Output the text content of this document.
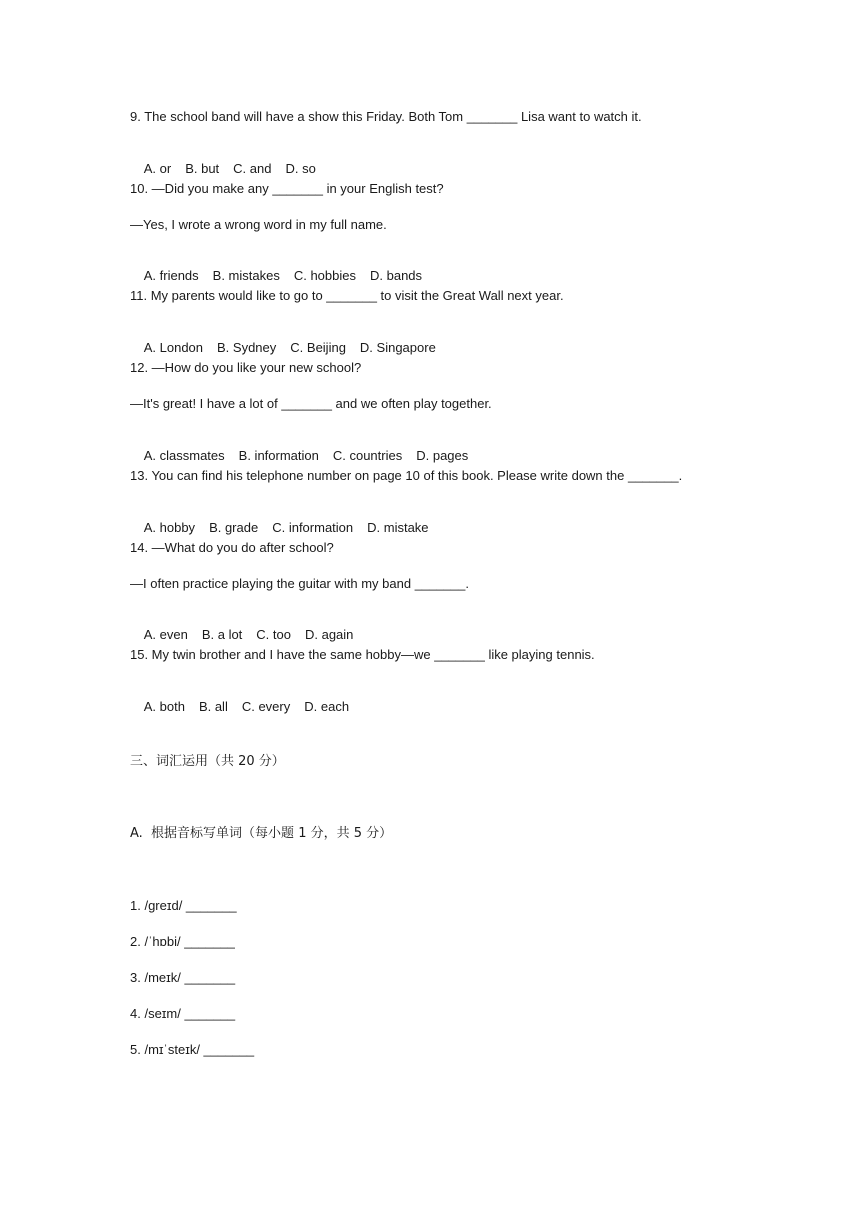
9. The school band will have a show this Friday. Both Tom _______ Lisa want to watch it.

A. or B. but C. and D. so

10. —Did you make any _______ in your English test?
—Yes, I wrote a wrong word in my full name.

A. friends B. mistakes C. hobbies D. bands

11. My parents would like to go to _______ to visit the Great Wall next year.

A. London B. Sydney C. Beijing D. Singapore

12. —How do you like your new school?
—It's great! I have a lot of _______ and we often play together.

A. classmates B. information C. countries D. pages

13. You can find his telephone number on page 10 of this book. Please write down the _______.

A. hobby B. grade C. information D. mistake

14. —What do you do after school?
—I often practice playing the guitar with my band _______.

A. even B. a lot C. too D. again

15. My twin brother and I have the same hobby—we _______ like playing tennis.

A. both B. all C. every D. each

三、词汇运用（共 20 分）
A.  根据音标写单词（每小题 1 分，共 5 分）
1. /ɡreɪd/ _______
2. /ˈhɒbi/ _______
3. /meɪk/ _______
4. /seɪm/ _______
5. /mɪˈsteɪk/ _______
